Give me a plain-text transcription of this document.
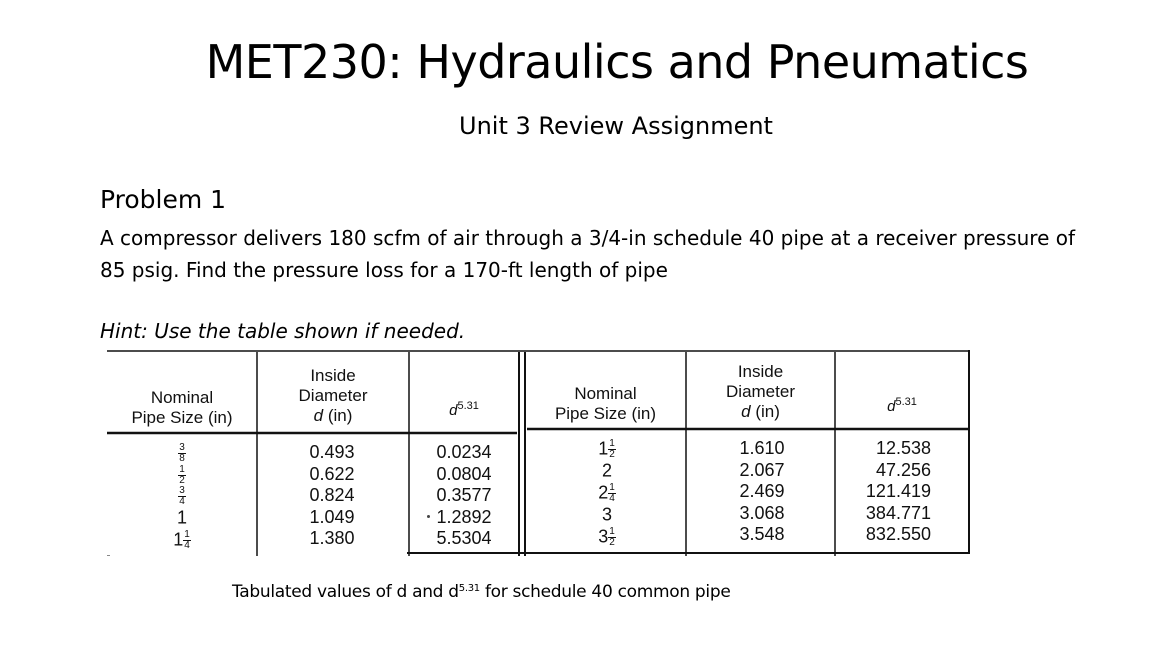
MET230: Hydraulics and Pneumatics
Unit 3 Review Assignment
Problem 1
A compressor delivers 180 scfm of air through a 3/4-in schedule 40 pipe at a receiver pressure of 85 psig. Find the pressure loss for a 170-ft length of pipe
Hint: Use the table shown if needed.
Nominal
Pipe Size (in)
Inside
Diameter
d (in)	$d^{5.31}$
Nominal
Pipe Size (in)
Inside
Diameter
d (in)	$d^{5.31}$
$\frac{3}{8}$
$\frac{1}{2}$
$\frac{3}{4}$
1
$1 \frac{1}{4}$
0.493
0.622
0.824
1.049
1.380
0.0234
0.0804
0.3577
1.2892
5.5304
$1 \frac{1}{2}$
2
$2 \frac{1}{4}$
3
$3 \frac{1}{2}$
1.610
2.067
2.469
3.068
3.548
12.538
47.256
121.419
384.771
832.550
Tabulated values of d and $d^{5.31}$ for schedule 40 common pipe
